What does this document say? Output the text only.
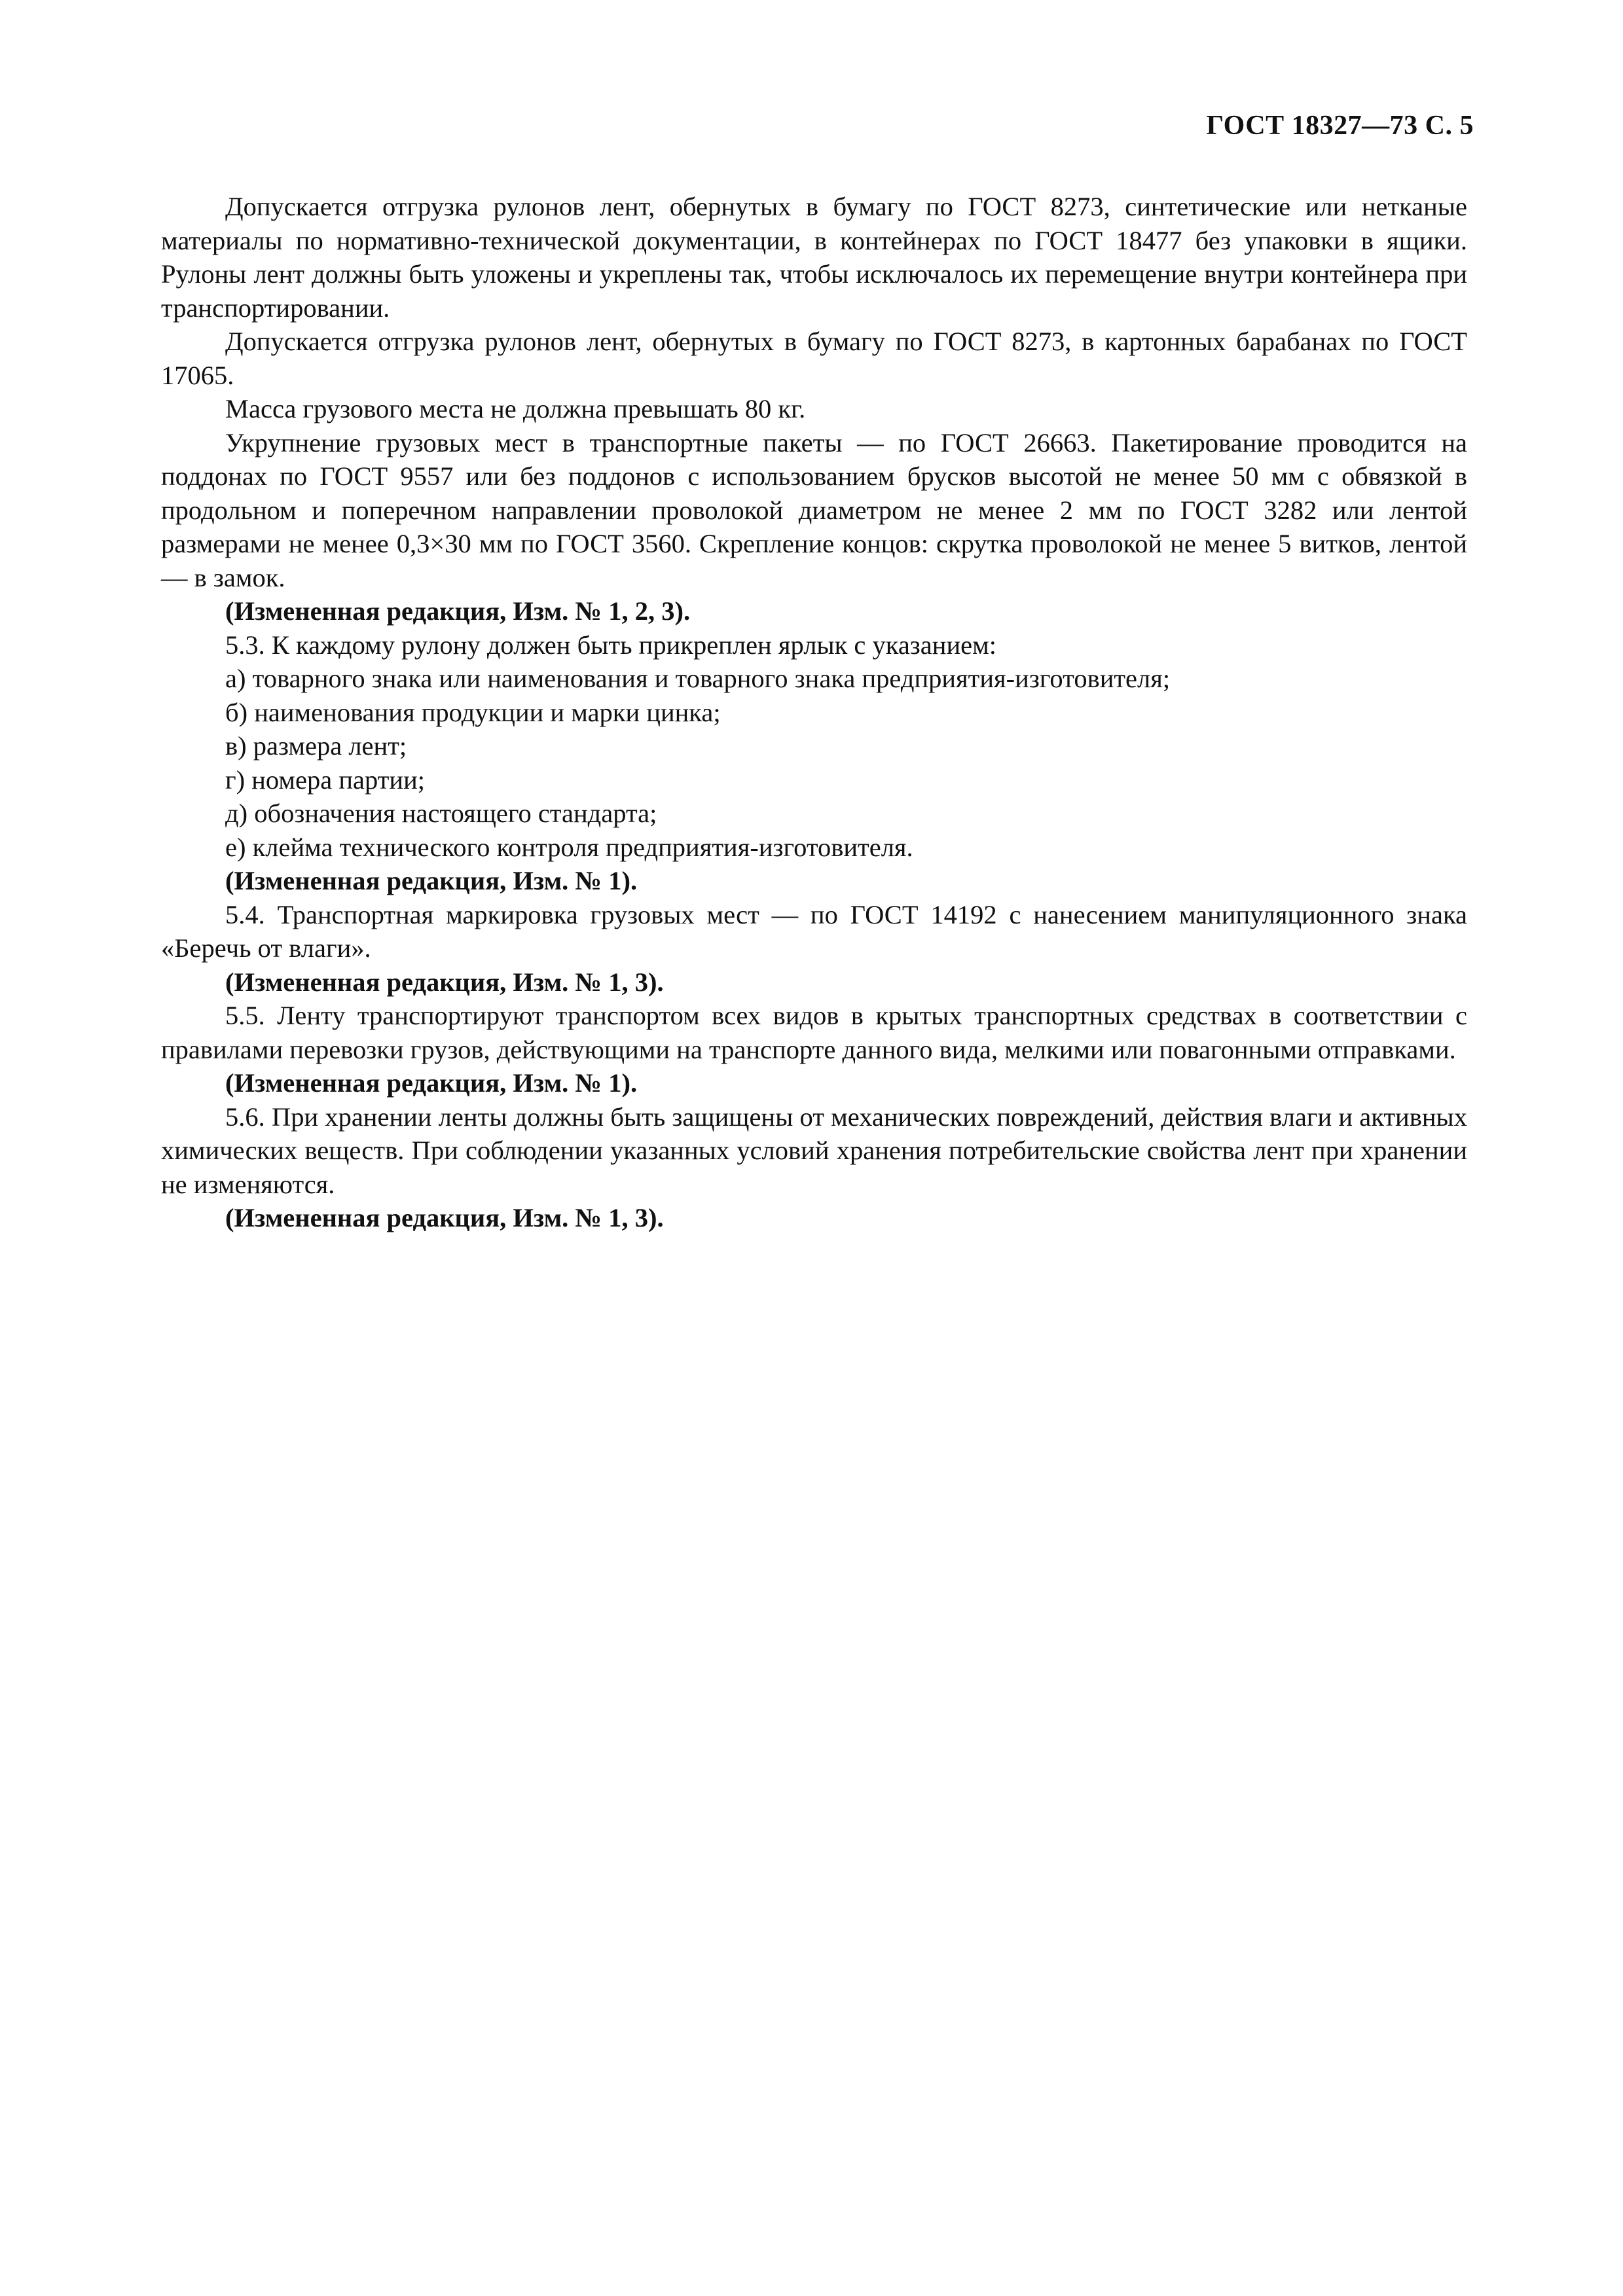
ГОСТ 18327—73 С. 5

Допускается отгрузка рулонов лент, обернутых в бумагу по ГОСТ 8273, синтетические или нетканые материалы по нормативно-технической документации, в контейнерах по ГОСТ 18477 без упаковки в ящики. Рулоны лент должны быть уложены и укреплены так, чтобы исключалось их перемещение внутри контейнера при транспортировании.

Допускается отгрузка рулонов лент, обернутых в бумагу по ГОСТ 8273, в картонных барабанах по ГОСТ 17065.

Масса грузового места не должна превышать 80 кг.

Укрупнение грузовых мест в транспортные пакеты — по ГОСТ 26663. Пакетирование проводится на поддонах по ГОСТ 9557 или без поддонов с использованием брусков высотой не менее 50 мм с обвязкой в продольном и поперечном направлении проволокой диаметром не менее 2 мм по ГОСТ 3282 или лентой размерами не менее 0,3×30 мм по ГОСТ 3560. Скрепление концов: скрутка проволокой не менее 5 витков, лентой — в замок.

(Измененная редакция, Изм. № 1, 2, 3).

5.3. К каждому рулону должен быть прикреплен ярлык с указанием:

а) товарного знака или наименования и товарного знака предприятия-изготовителя;

б) наименования продукции и марки цинка;

в) размера лент;

г) номера партии;

д) обозначения настоящего стандарта;

е) клейма технического контроля предприятия-изготовителя.

(Измененная редакция, Изм. № 1).

5.4. Транспортная маркировка грузовых мест — по ГОСТ 14192 с нанесением манипуляционного знака «Беречь от влаги».

(Измененная редакция, Изм. № 1, 3).

5.5. Ленту транспортируют транспортом всех видов в крытых транспортных средствах в соответствии с правилами перевозки грузов, действующими на транспорте данного вида, мелкими или повагонными отправками.

(Измененная редакция, Изм. № 1).

5.6. При хранении ленты должны быть защищены от механических повреждений, действия влаги и активных химических веществ. При соблюдении указанных условий хранения потребительские свойства лент при хранении не изменяются.

(Измененная редакция, Изм. № 1, 3).
